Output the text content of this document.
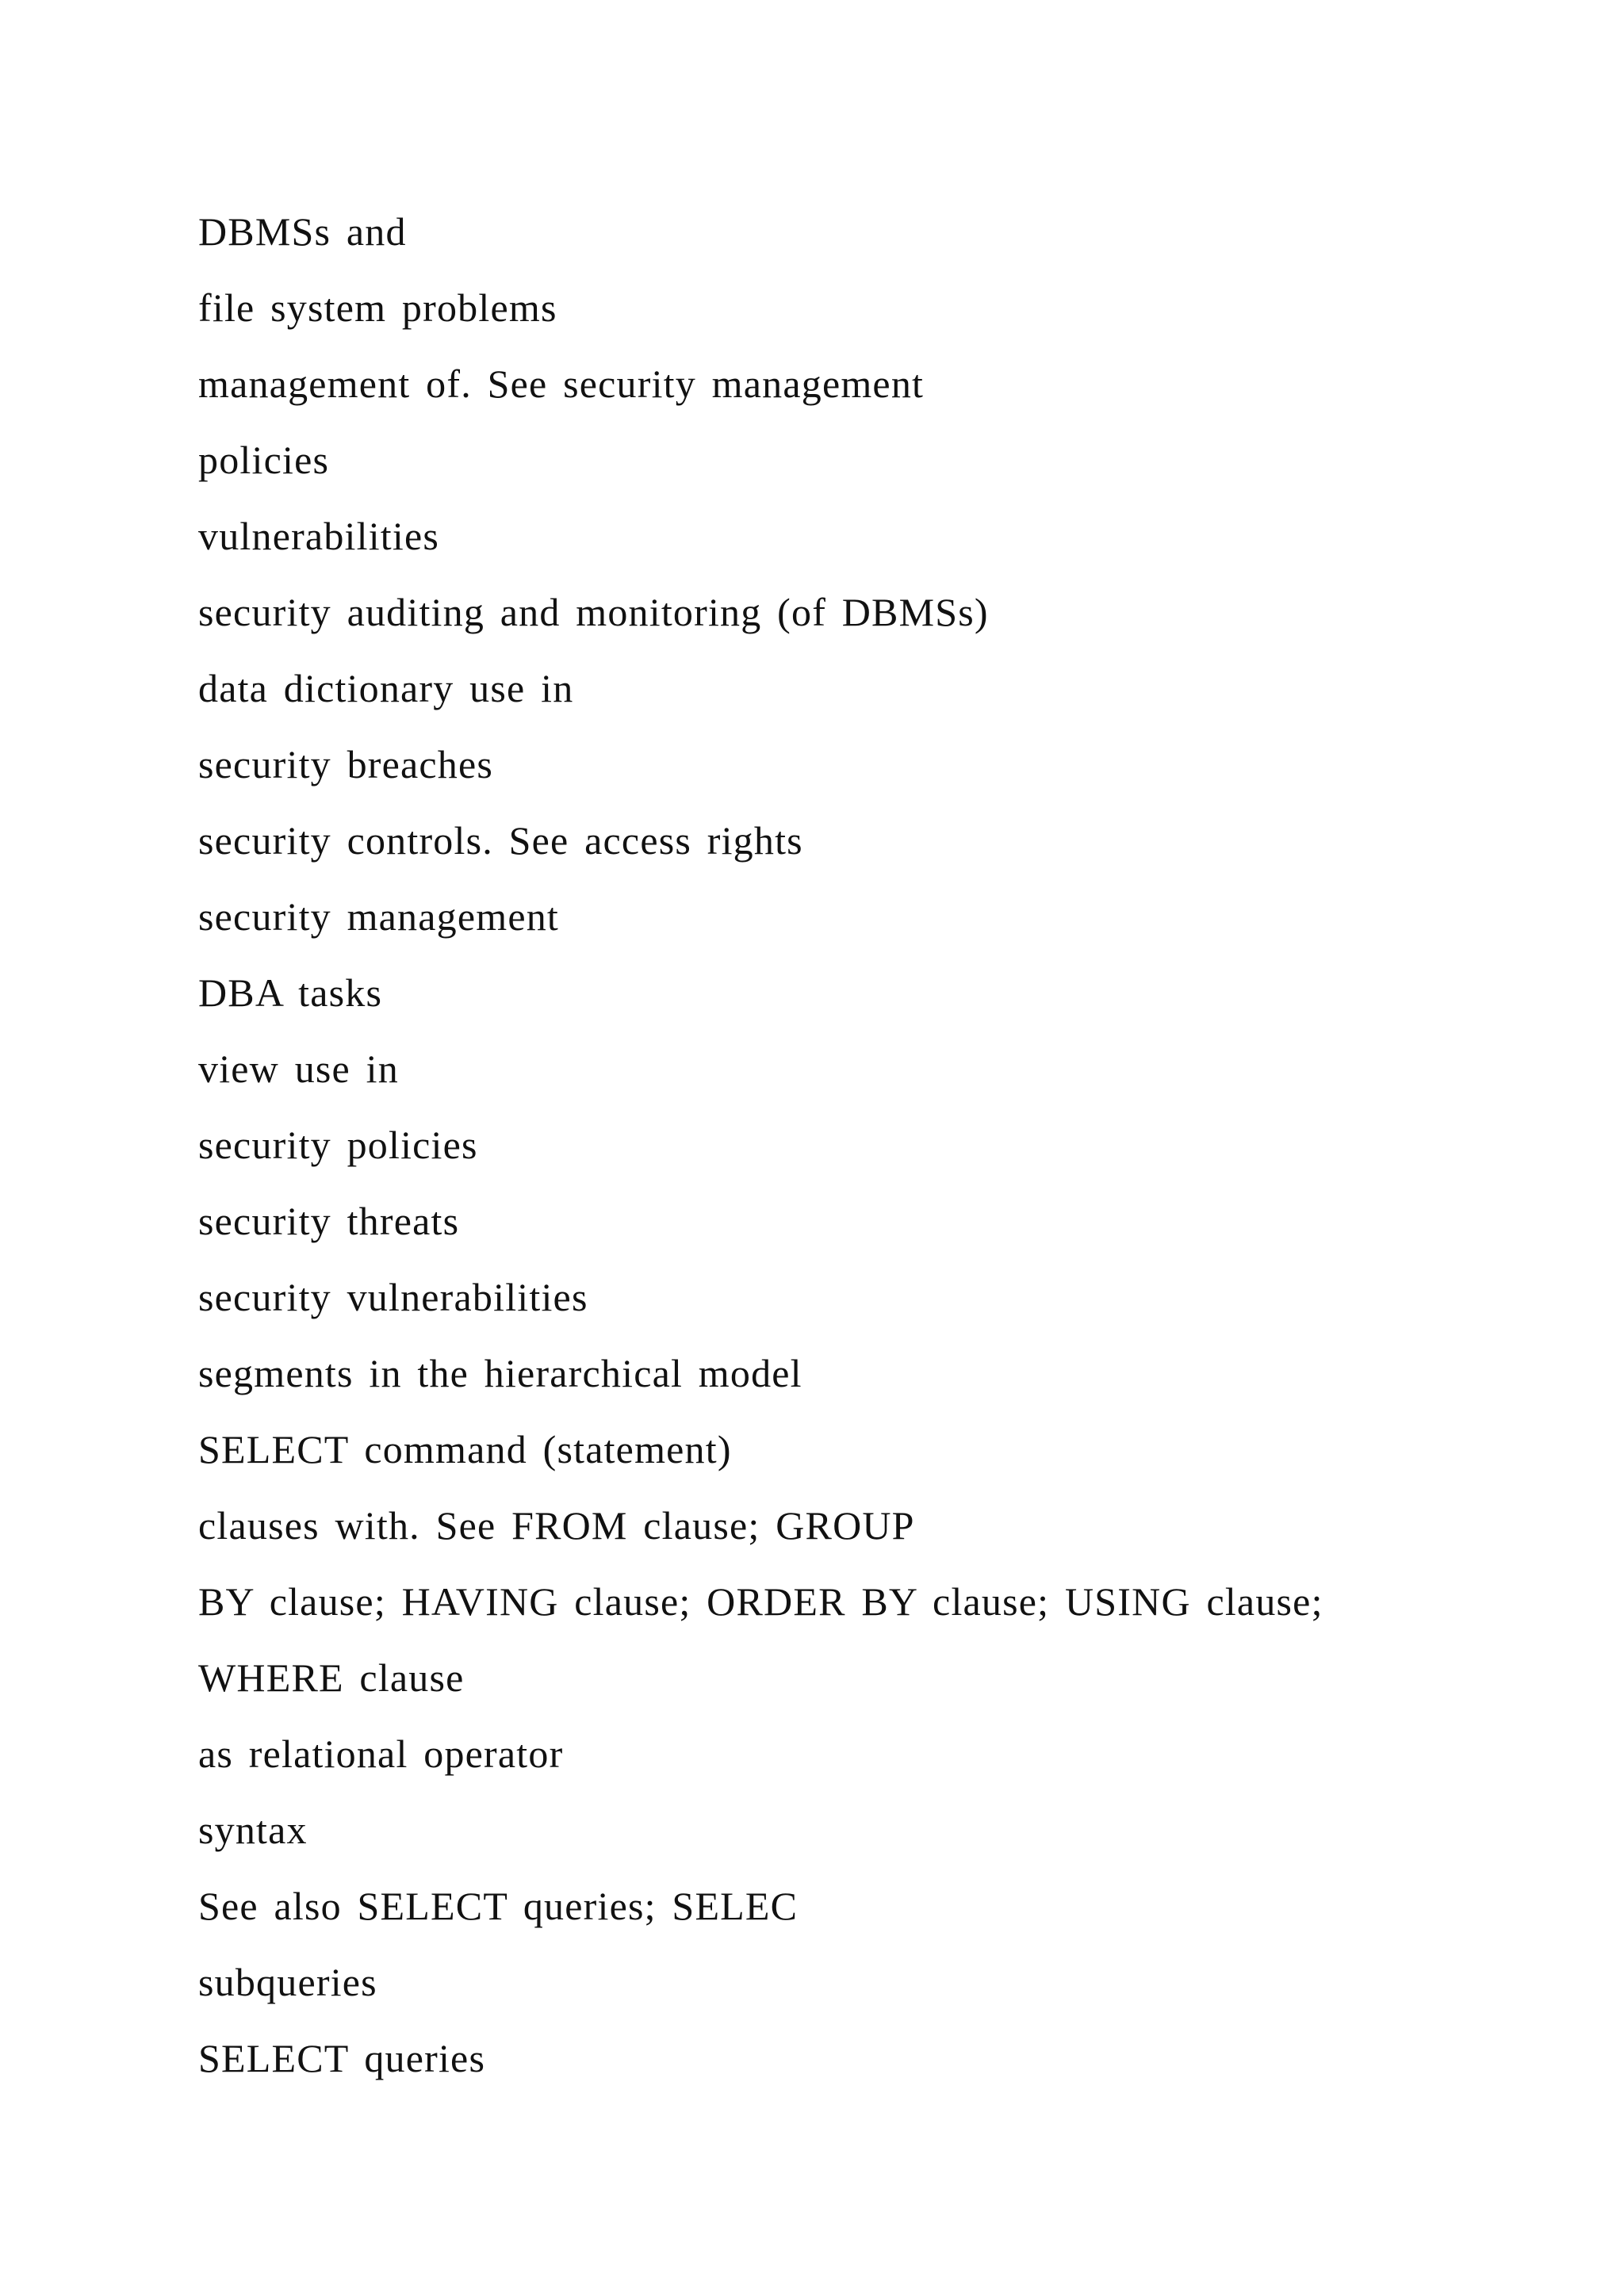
DBMSs and
file system problems
management of. See security management
policies
vulnerabilities
security auditing and monitoring (of DBMSs)
data dictionary use in
security breaches
security controls. See access rights
security management
DBA tasks
view use in
security policies
security threats
security vulnerabilities
segments in the hierarchical model
SELECT command (statement)
clauses with. See FROM clause; GROUP
BY clause; HAVING clause; ORDER BY clause; USING clause;
WHERE clause
as relational operator
syntax
See also SELECT queries; SELEC
subqueries
SELECT queries
